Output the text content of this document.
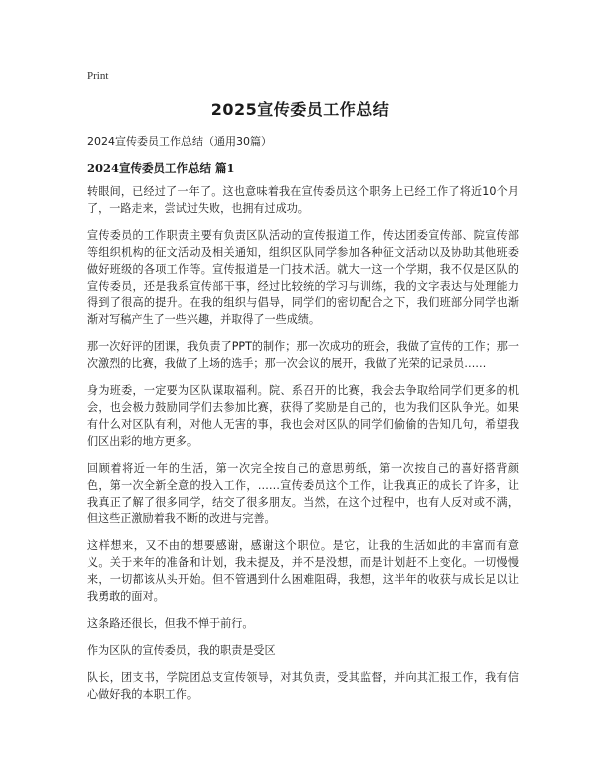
Print
2025宣传委员工作总结
2024宣传委员工作总结（通用30篇）
2024宣传委员工作总结 篇1

转眼间，已经过了一年了。这也意味着我在宣传委员这个职务上已经工作了将近10个月了，一路走来，尝试过失败，也拥有过成功。

宣传委员的工作职责主要有负责区队活动的宣传报道工作，传达团委宣传部、院宣传部等组织机构的征文活动及相关通知，组织区队同学参加各种征文活动以及协助其他班委做好班级的各项工作等。宣传报道是一门技术活。就大一这一个学期，我不仅是区队的宣传委员，还是我系宣传部干事，经过比较统的学习与训练，我的文字表达与处理能力得到了很高的提升。在我的组织与倡导，同学们的密切配合之下，我们班部分同学也渐渐对写稿产生了一些兴趣，并取得了一些成绩。

那一次好评的团课，我负责了PPT的制作；那一次成功的班会，我做了宣传的工作；那一次激烈的比赛，我做了上场的选手；那一次会议的展开，我做了光荣的记录员……

身为班委，一定要为区队谋取福利。院、系召开的比赛，我会去争取给同学们更多的机会，也会极力鼓励同学们去参加比赛，获得了奖励是自己的，也为我们区队争光。如果有什么对区队有利，对他人无害的事，我也会对区队的同学们偷偷的告知几句，希望我们区出彩的地方更多。

回顾着将近一年的生活，第一次完全按自己的意思剪纸，第一次按自己的喜好搭背颜色，第一次全新全意的投入工作，……宣传委员这个工作，让我真正的成长了许多，让我真正了解了很多同学，结交了很多朋友。当然，在这个过程中，也有人反对或不满，但这些正激励着我不断的改进与完善。

这样想来，又不由的想要感谢，感谢这个职位。是它，让我的生活如此的丰富而有意义。关于来年的准备和计划，我未提及，并不是没想，而是计划赶不上变化。一切慢慢来，一切都该从头开始。但不管遇到什么困难阻碍，我想，这半年的收获与成长足以让我勇敢的面对。

这条路还很长，但我不惮于前行。

作为区队的宣传委员，我的职责是受区

队长，团支书，学院团总支宣传领导，对其负责，受其监督，并向其汇报工作，我有信心做好我的本职工作。
